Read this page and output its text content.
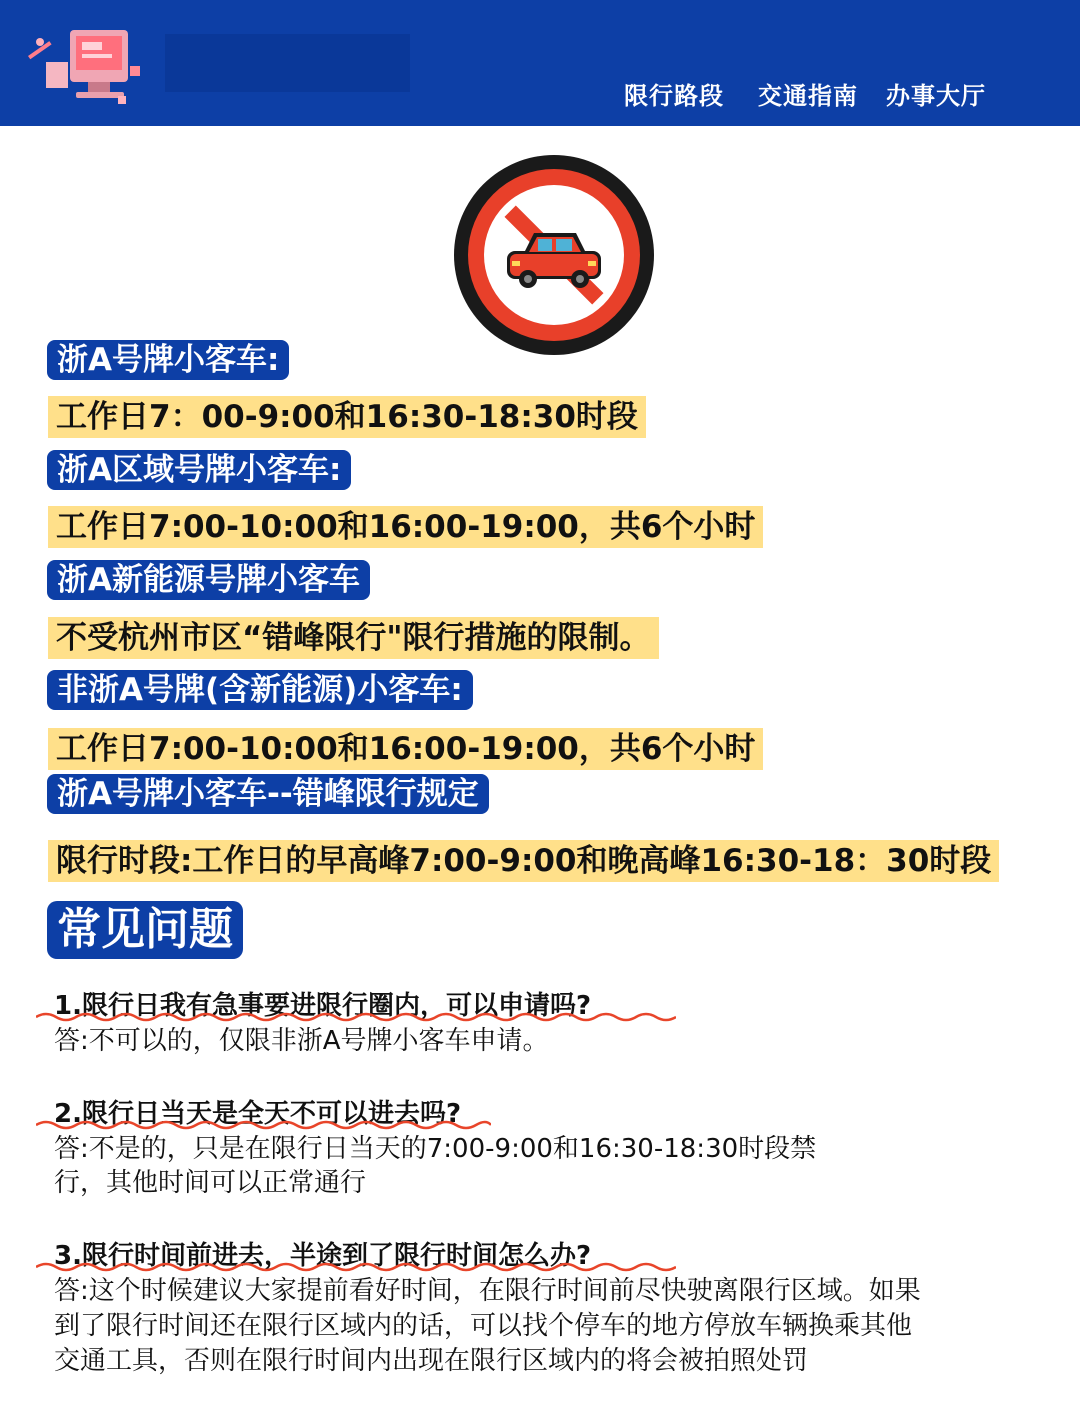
限行路段 交通指南 办事大厅
浙A号牌小客车:
工作日7：00-9:00和16:30-18:30时段
浙A区域号牌小客车:
工作日7:00-10:00和16:00-19:00，共6个小时
浙A新能源号牌小客车
不受杭州市区“错峰限行"限行措施的限制。
非浙A号牌(含新能源)小客车:
工作日7:00-10:00和16:00-19:00，共6个小时
浙A号牌小客车--错峰限行规定
限行时段:工作日的早高峰7:00-9:00和晚高峰16:30-18：30时段
常见问题
1.限行日我有急事要进限行圈内，可以申请吗?
答:不可以的，仅限非浙A号牌小客车申请。
2.限行日当天是全天不可以进去吗?
答:不是的，只是在限行日当天的7:00-9:00和16:30-18:30时段禁
行，其他时间可以正常通行
3.限行时间前进去，半途到了限行时间怎么办?
答:这个时候建议大家提前看好时间，在限行时间前尽快驶离限行区域。如果
到了限行时间还在限行区域内的话，可以找个停车的地方停放车辆换乘其他
交通工具，否则在限行时间内出现在限行区域内的将会被拍照处罚
